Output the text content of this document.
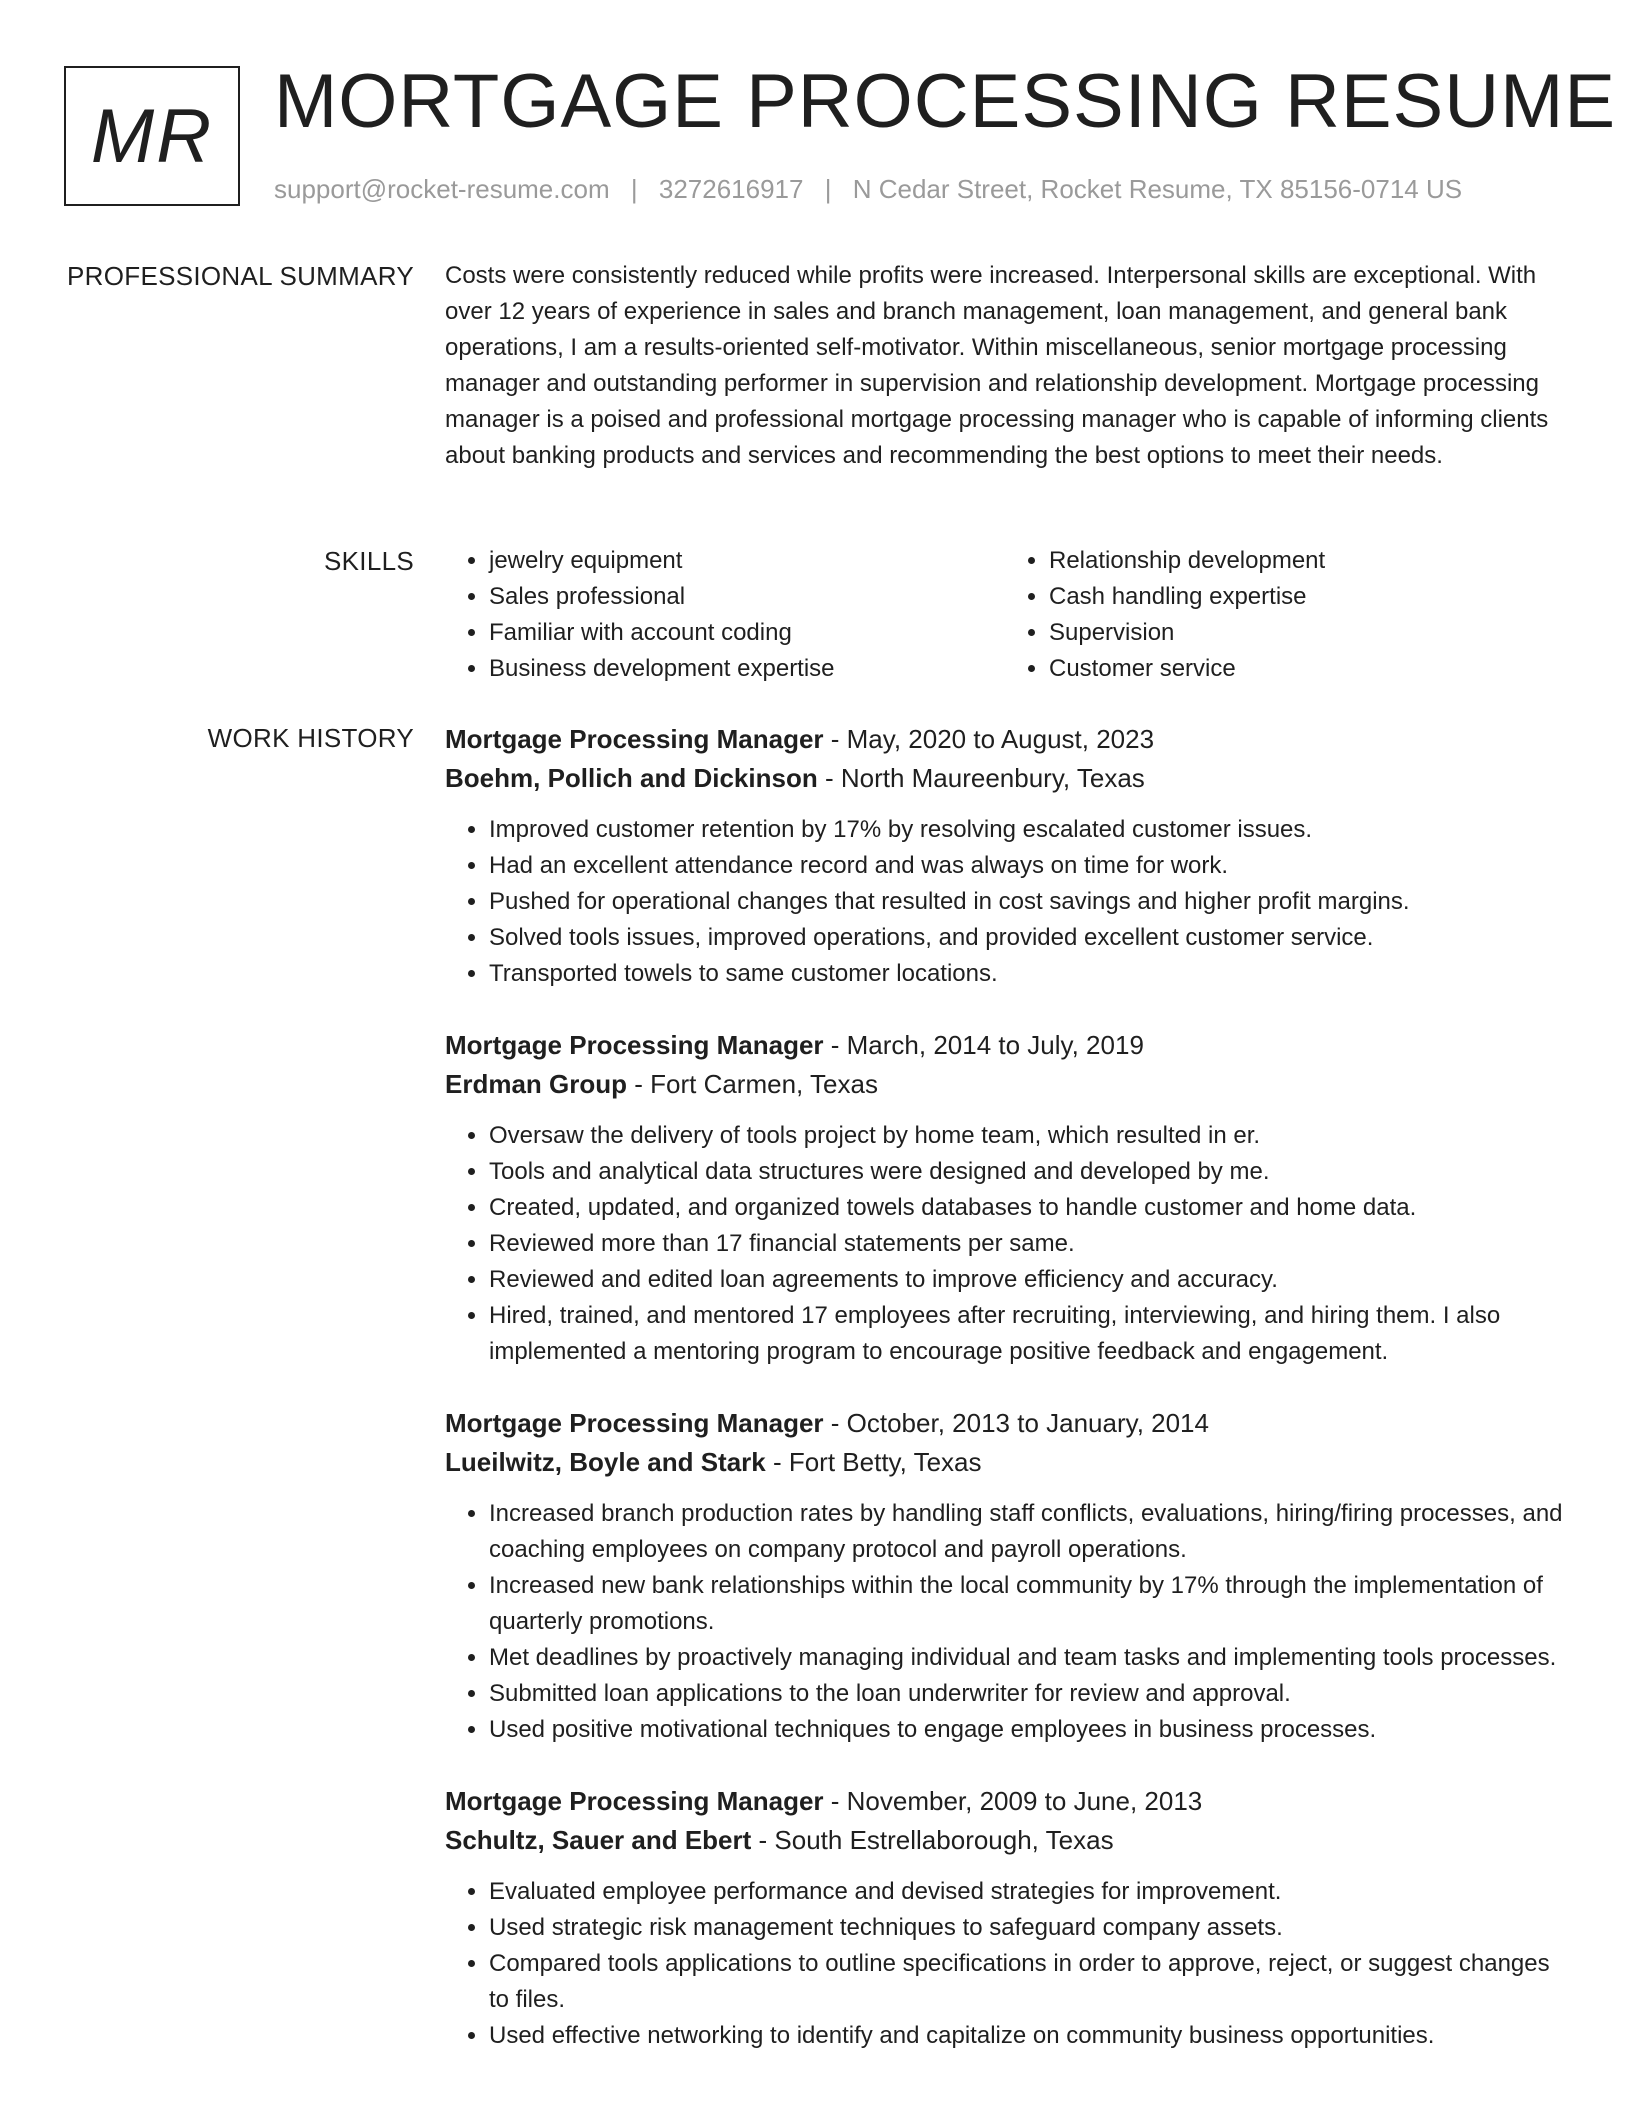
MR MORTGAGE PROCESSING RESUME
support@rocket-resume.com | 3272616917 | N Cedar Street, Rocket Resume, TX 85156-0714 US
PROFESSIONAL SUMMARY Costs were consistently reduced while profits were increased. Interpersonal skills are exceptional. With over 12 years of experience in sales and branch management, loan management, and general bank operations, I am a results-oriented self-motivator. Within miscellaneous, senior mortgage processing manager and outstanding performer in supervision and relationship development. Mortgage processing manager is a poised and professional mortgage processing manager who is capable of informing clients about banking products and services and recommending the best options to meet their needs.

SKILLS
•	jewelry equipment
• Sales professional
• Familiar with account coding
• Business development expertise
• Relationship development
• Cash handling expertise
• Supervision
• Customer service
WORK HISTORY Mortgage Processing Manager - May, 2020 to August, 2023
Boehm, Pollich and Dickinson - North Maureenbury, Texas
• Improved customer retention by 17% by resolving escalated customer issues.
• Had an excellent attendance record and was always on time for work.
• Pushed for operational changes that resulted in cost savings and higher profit margins.
• Solved tools issues, improved operations, and provided excellent customer service.
• Transported towels to same customer locations.
Mortgage Processing Manager - March, 2014 to July, 2019
Erdman Group - Fort Carmen, Texas
• Oversaw the delivery of tools project by home team, which resulted in er.
• Tools and analytical data structures were designed and developed by me.
• Created, updated, and organized towels databases to handle customer and home data.
• Reviewed more than 17 financial statements per same.
• Reviewed and edited loan agreements to improve efficiency and accuracy.
• Hired, trained, and mentored 17 employees after recruiting, interviewing, and hiring them. I also implemented a mentoring program to encourage positive feedback and engagement.
Mortgage Processing Manager - October, 2013 to January, 2014
Lueilwitz, Boyle and Stark - Fort Betty, Texas
• Increased branch production rates by handling staff conflicts, evaluations, hiring/firing processes, and coaching employees on company protocol and payroll operations.
• Increased new bank relationships within the local community by 17% through the implementation of quarterly promotions.
• Met deadlines by proactively managing individual and team tasks and implementing tools processes.
• Submitted loan applications to the loan underwriter for review and approval.
• Used positive motivational techniques to engage employees in business processes.
Mortgage Processing Manager - November, 2009 to June, 2013
Schultz, Sauer and Ebert - South Estrellaborough, Texas
• Evaluated employee performance and devised strategies for improvement.
• Used strategic risk management techniques to safeguard company assets.
• Compared tools applications to outline specifications in order to approve, reject, or suggest changes to files.
• Used effective networking to identify and capitalize on community business opportunities.
